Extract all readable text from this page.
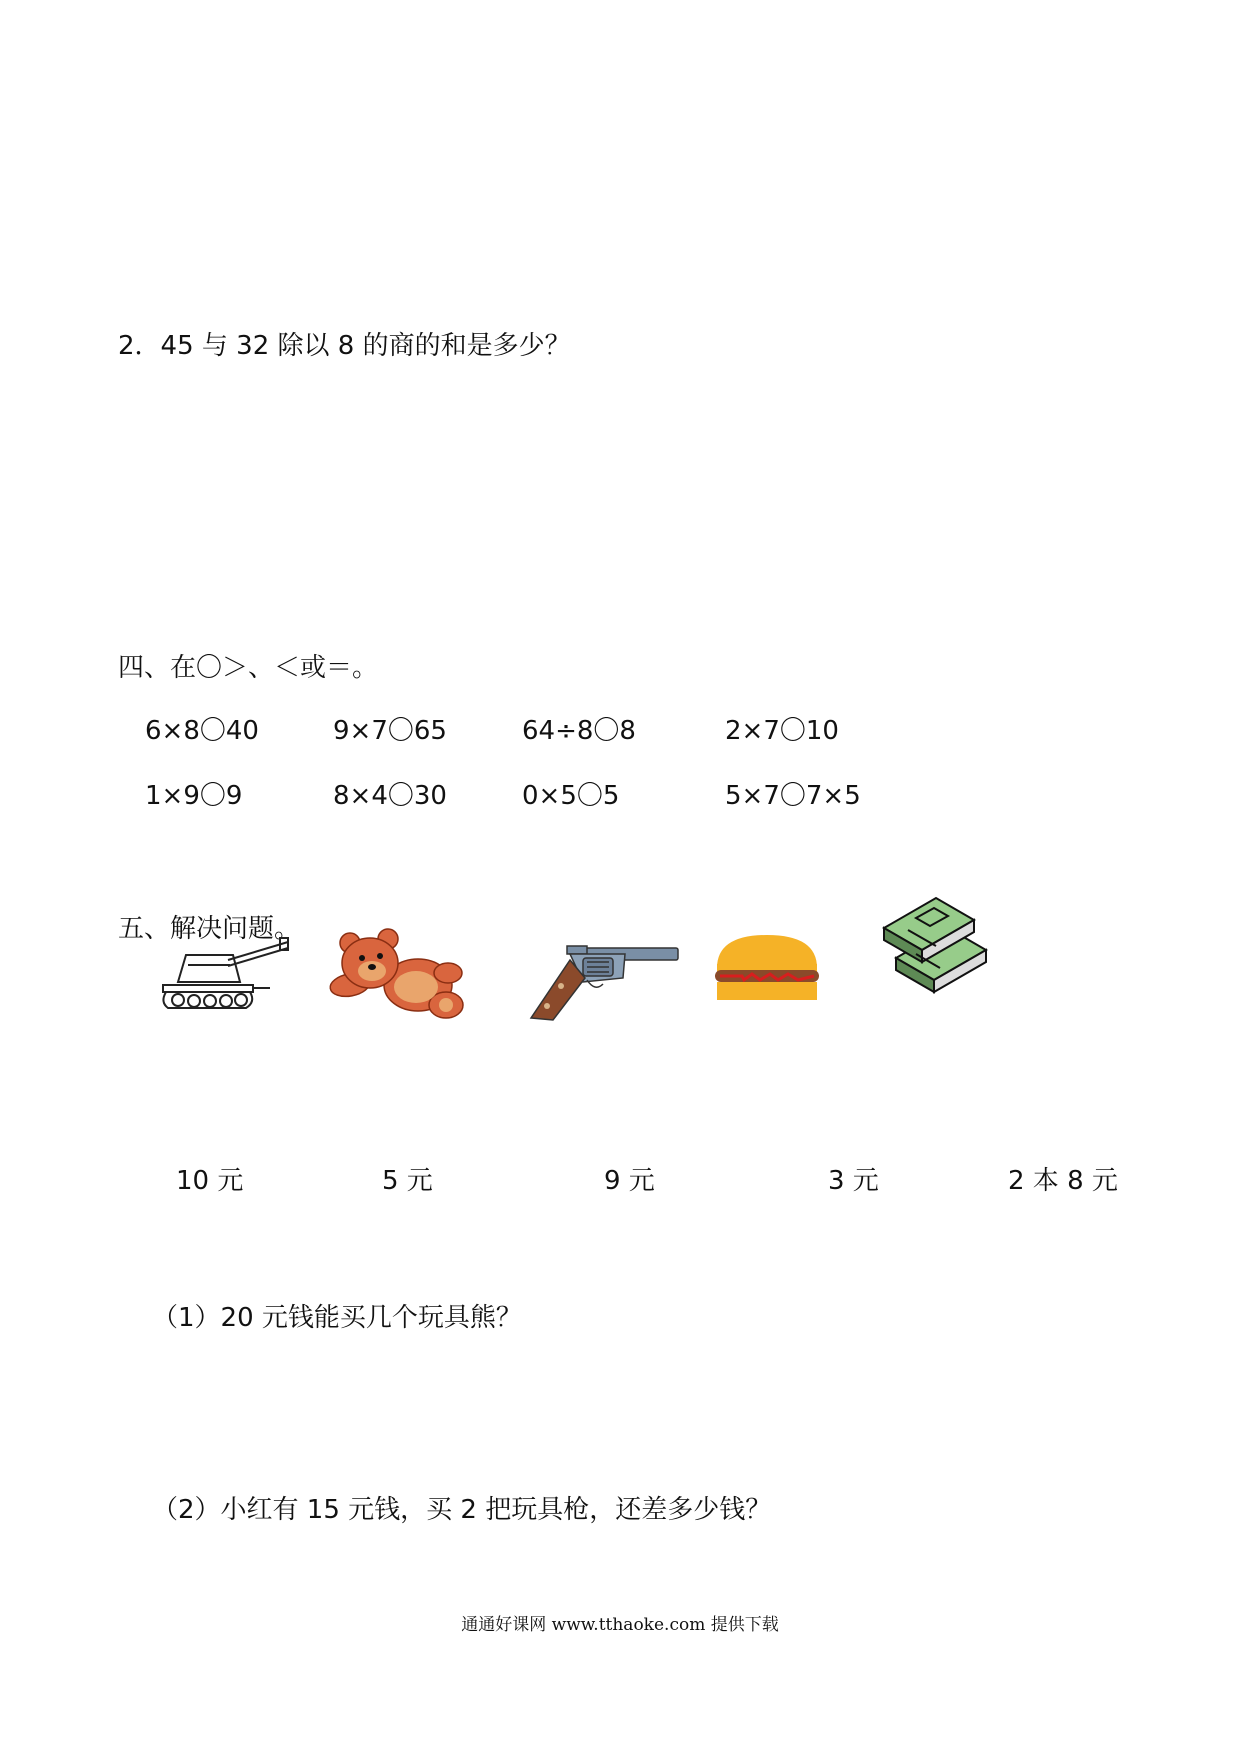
2．45 与 32 除以 8 的商的和是多少？
四、在〇＞、＜或＝。
6×8〇40	9×7〇65	64÷8〇8	2×7〇10
1×9〇9	8×4〇30	0×5〇5	5×7〇7×5
五、解决问题。
10 元	5 元	9 元	3 元	2 本 8 元
（1）20 元钱能买几个玩具熊？
（2）小红有 15 元钱，买 2 把玩具枪，还差多少钱？
通通好课网 www.tthaoke.com 提供下载
